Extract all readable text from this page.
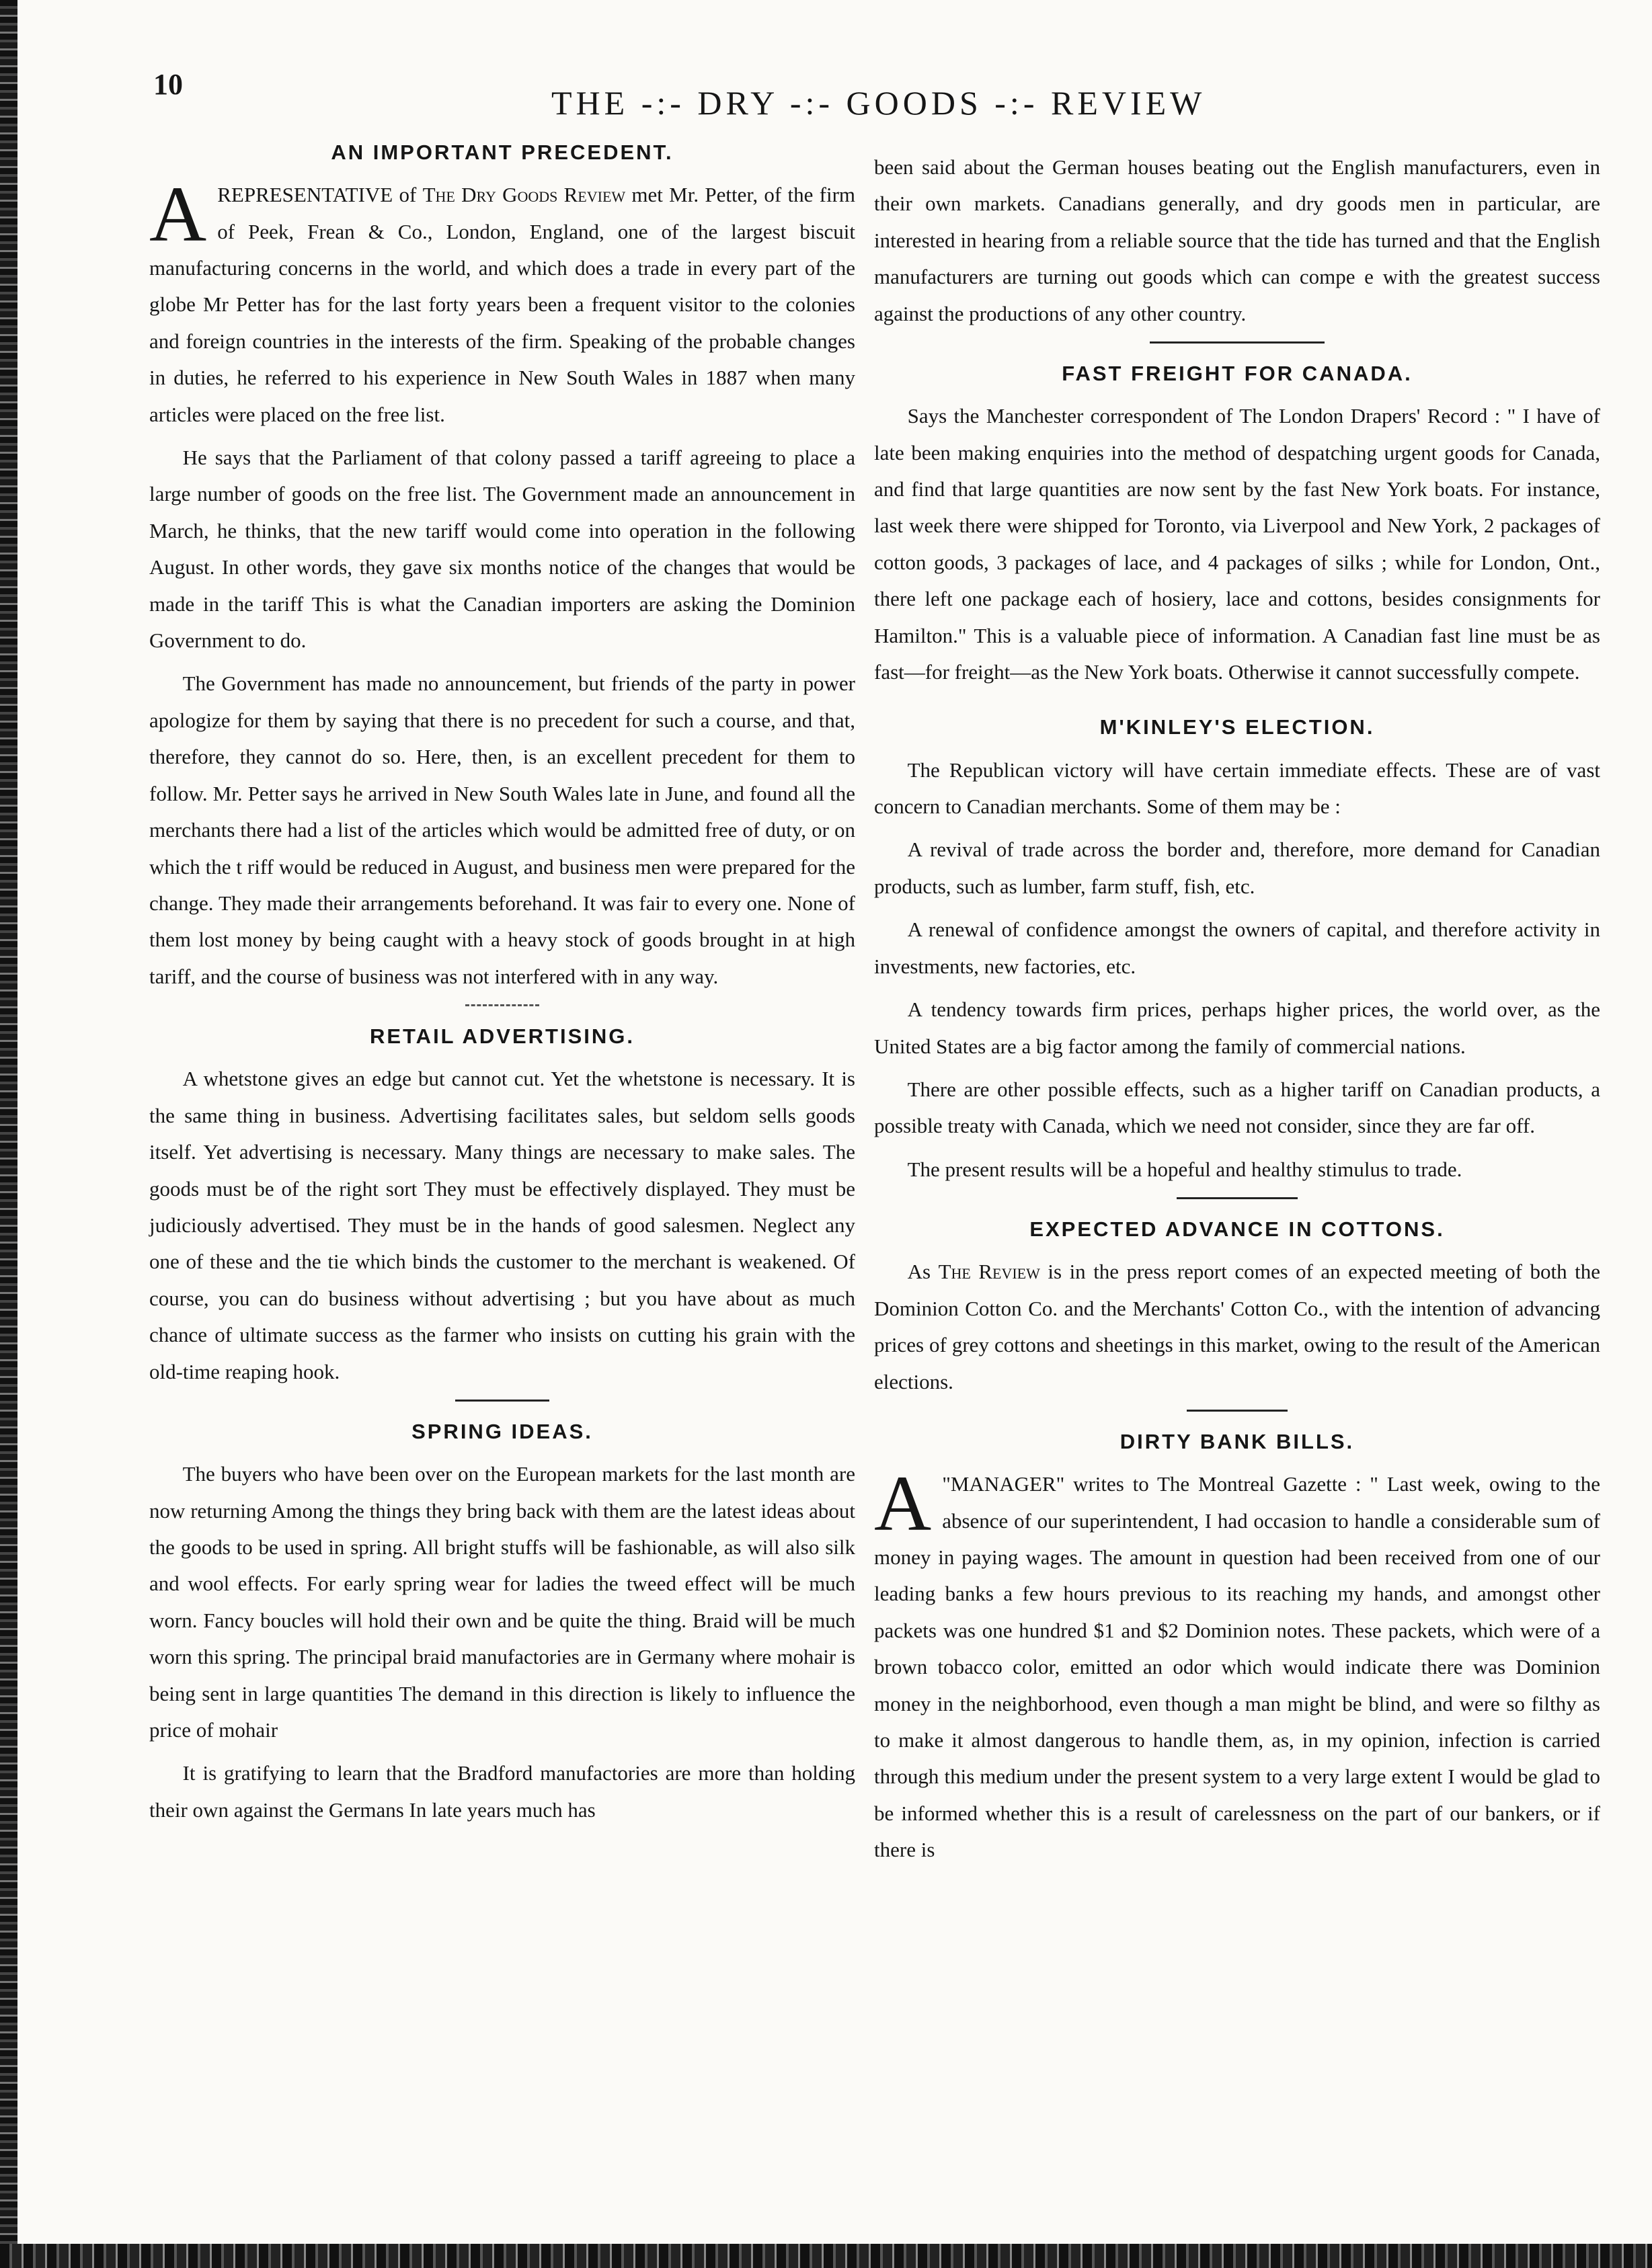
10	THE -:- DRY -:- GOODS -:- REVIEW
AN IMPORTANT PRECEDENT.

AREPRESENTATIVE of The Dry Goods Review met Mr. Petter, of the firm of Peek, Frean & Co., London, England, one of the largest biscuit manufacturing concerns in the world, and which does a trade in every part of the globe Mr Petter has for the last forty years been a frequent visitor to the colonies and foreign countries in the interests of the firm. Speaking of the probable changes in duties, he referred to his experience in New South Wales in 1887 when many articles were placed on the free list.

He says that the Parliament of that colony passed a tariff agreeing to place a large number of goods on the free list. The Government made an announcement in March, he thinks, that the new tariff would come into operation in the following August. In other words, they gave six months notice of the changes that would be made in the tariff This is what the Canadian importers are asking the Dominion Government to do.

The Government has made no announcement, but friends of the party in power apologize for them by saying that there is no precedent for such a course, and that, therefore, they cannot do so. Here, then, is an excellent precedent for them to follow. Mr. Petter says he arrived in New South Wales late in June, and found all the merchants there had a list of the articles which would be admitted free of duty, or on which the t riff would be reduced in August, and business men were prepared for the change. They made their arrangements beforehand. It was fair to every one. None of them lost money by being caught with a heavy stock of goods brought in at high tariff, and the course of business was not interfered with in any way.

RETAIL ADVERTISING.

A whetstone gives an edge but cannot cut. Yet the whetstone is necessary. It is the same thing in business. Advertising facilitates sales, but seldom sells goods itself. Yet advertising is necessary. Many things are necessary to make sales. The goods must be of the right sort They must be effectively displayed. They must be judiciously advertised. They must be in the hands of good salesmen. Neglect any one of these and the tie which binds the customer to the merchant is weakened. Of course, you can do business without advertising ; but you have about as much chance of ultimate success as the farmer who insists on cutting his grain with the old-time reaping hook.

SPRING IDEAS.

The buyers who have been over on the European markets for the last month are now returning Among the things they bring back with them are the latest ideas about the goods to be used in spring. All bright stuffs will be fashionable, as will also silk and wool effects. For early spring wear for ladies the tweed effect will be much worn. Fancy boucles will hold their own and be quite the thing. Braid will be much worn this spring. The principal braid manufactories are in Germany where mohair is being sent in large quantities The demand in this direction is likely to influence the price of mohair

It is gratifying to learn that the Bradford manufactories are more than holding their own against the Germans In late years much has

been said about the German houses beating out the English manufacturers, even in their own markets. Canadians generally, and dry goods men in particular, are interested in hearing from a reliable source that the tide has turned and that the English manufacturers are turning out goods which can compe e with the greatest success against the productions of any other country.

FAST FREIGHT FOR CANADA.

Says the Manchester correspondent of The London Drapers' Record : " I have of late been making enquiries into the method of despatching urgent goods for Canada, and find that large quantities are now sent by the fast New York boats. For instance, last week there were shipped for Toronto, via Liverpool and New York, 2 packages of cotton goods, 3 packages of lace, and 4 packages of silks ; while for London, Ont., there left one package each of hosiery, lace and cottons, besides consignments for Hamilton." This is a valuable piece of information. A Canadian fast line must be as fast—for freight—as the New York boats. Otherwise it cannot successfully compete.

M'KINLEY'S ELECTION.

The Republican victory will have certain immediate effects. These are of vast concern to Canadian merchants. Some of them may be :

A revival of trade across the border and, therefore, more demand for Canadian products, such as lumber, farm stuff, fish, etc.

A renewal of confidence amongst the owners of capital, and therefore activity in investments, new factories, etc.

A tendency towards firm prices, perhaps higher prices, the world over, as the United States are a big factor among the family of commercial nations.

There are other possible effects, such as a higher tariff on Canadian products, a possible treaty with Canada, which we need not consider, since they are far off.

The present results will be a hopeful and healthy stimulus to trade.

EXPECTED ADVANCE IN COTTONS.

As The Review is in the press report comes of an expected meeting of both the Dominion Cotton Co. and the Merchants' Cotton Co., with the intention of advancing prices of grey cottons and sheetings in this market, owing to the result of the American elections.

DIRTY BANK BILLS.

A "MANAGER" writes to The Montreal Gazette : " Last week, owing to the absence of our superintendent, I had occasion to handle a considerable sum of money in paying wages. The amount in question had been received from one of our leading banks a few hours previous to its reaching my hands, and amongst other packets was one hundred $1 and $2 Dominion notes. These packets, which were of a brown tobacco color, emitted an odor which would indicate there was Dominion money in the neighborhood, even though a man might be blind, and were so filthy as to make it almost dangerous to handle them, as, in my opinion, infection is carried through this medium under the present system to a very large extent I would be glad to be informed whether this is a result of carelessness on the part of our bankers, or if there is
